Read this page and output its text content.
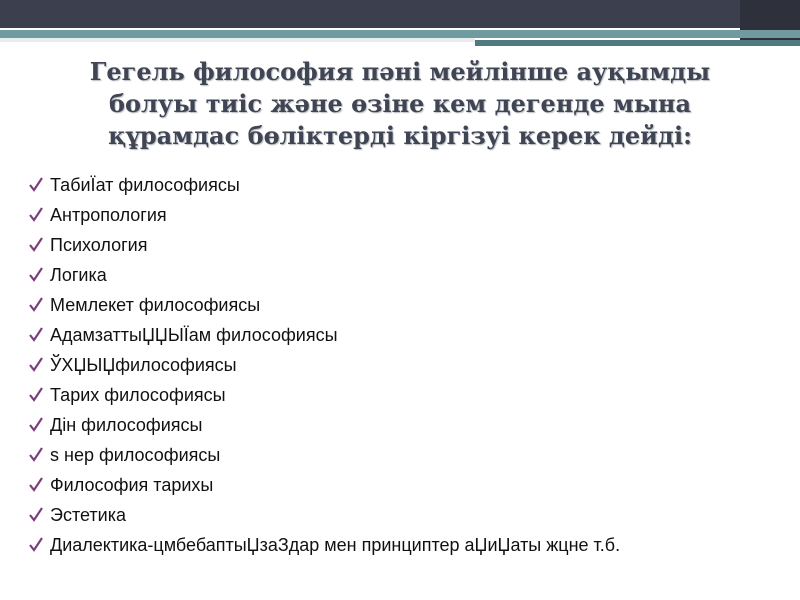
Гегель философия пәні мейлінше ауқымды
болуы тиіс және өзіне кем дегенде мына
құрамдас бөліктерді кіргізуі керек дейді:
ТабиЇат философиясы
Антропология
Психология
Логика
Мемлекет философиясы
АдамзаттыЏЏЫЇам философиясы
ЎХЏЫЏфилософиясы
Тарих философиясы
Дін философиясы
s нер философиясы
Философия тарихы
Эстетика
Диалектика-цмбебаптыЏзаЗдар мен принциптер аЏиЏаты жцне т.б.
